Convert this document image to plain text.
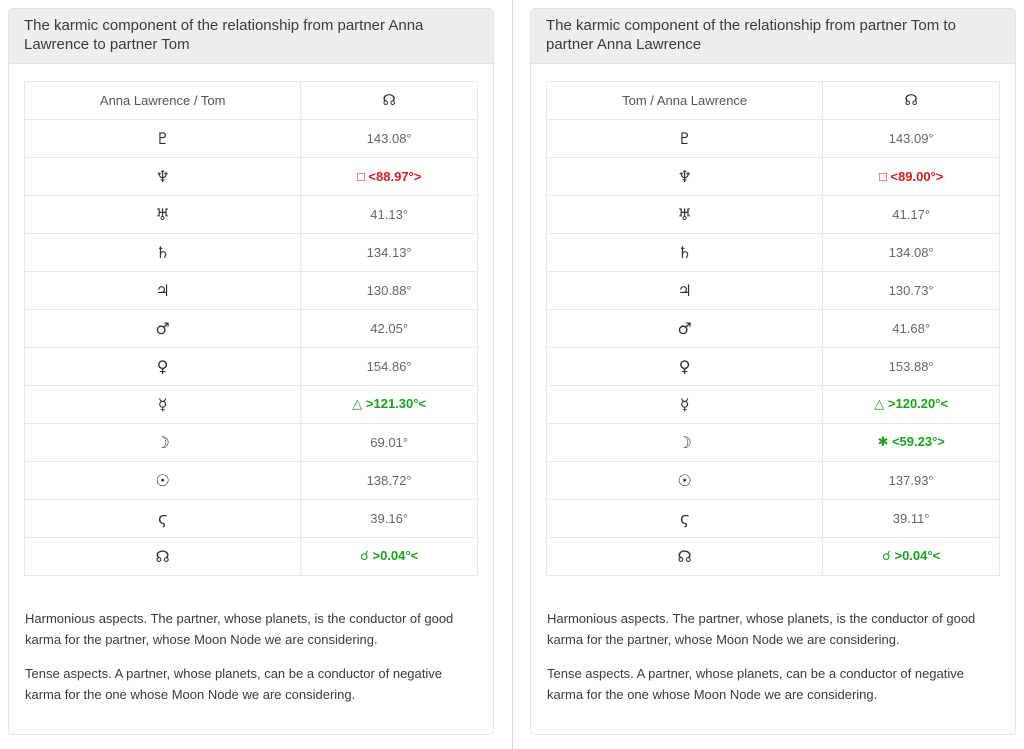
The karmic component of the relationship from partner Anna Lawrence to partner Tom
Anna Lawrence / Tom	☊
♇	143.08°
♆	□ <88.97°>
♅	41.13°
♄	134.13°
♃	130.88°
♂	42.05°
♀	154.86°
☿	△ >121.30°<
☽	69.01°
☉	138.72°
ϛ	39.16°
☊	☌ >0.04°<

Harmonious aspects. The partner, whose planets, is the conductor of good karma for the partner, whose Moon Node we are considering.

Tense aspects. A partner, whose planets, can be a conductor of negative karma for the one whose Moon Node we are considering.

The karmic component of the relationship from partner Tom to partner Anna Lawrence
Tom / Anna Lawrence	☊
♇	143.09°
♆	□ <89.00°>
♅	41.17°
♄	134.08°
♃	130.73°
♂	41.68°
♀	153.88°
☿	△ >120.20°<
☽	✱ <59.23°>
☉	137.93°
ϛ	39.11°
☊	☌ >0.04°<

Harmonious aspects. The partner, whose planets, is the conductor of good karma for the partner, whose Moon Node we are considering.

Tense aspects. A partner, whose planets, can be a conductor of negative karma for the one whose Moon Node we are considering.
